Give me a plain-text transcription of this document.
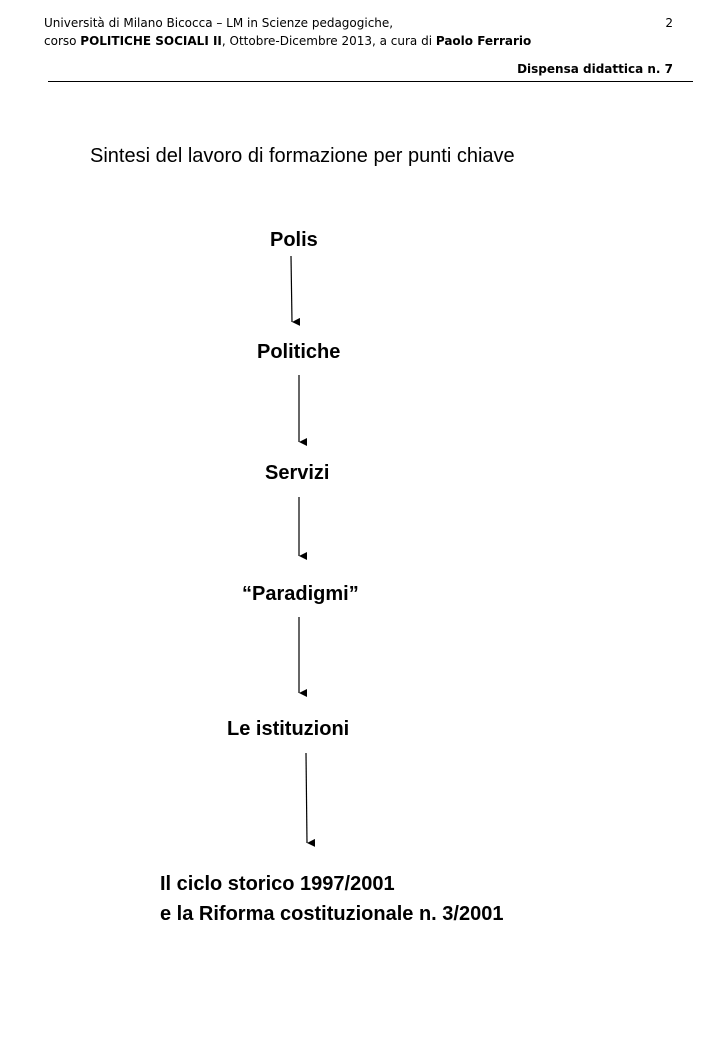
Università di Milano Bicocca – LM in Scienze pedagogiche,
corso POLITICHE SOCIALI II, Ottobre-Dicembre 2013, a cura di Paolo Ferrario
2
Dispensa didattica n. 7
Sintesi del lavoro di formazione per punti chiave
Polis
Politiche
Servizi
“Paradigmi”
Le istituzioni
Il ciclo storico 1997/2001
e la Riforma costituzionale n. 3/2001
